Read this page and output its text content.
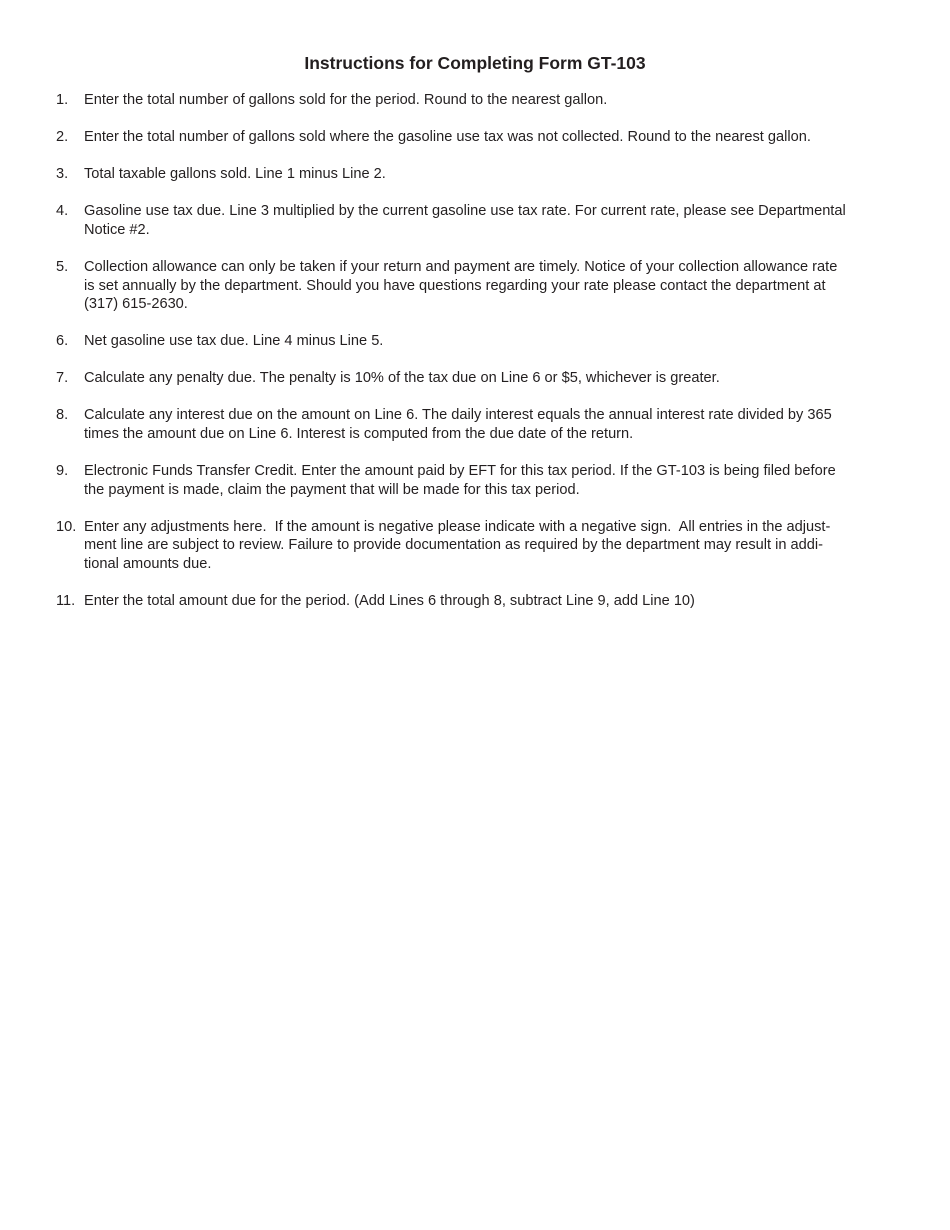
Instructions for Completing Form GT-103
1.	Enter the total number of gallons sold for the period. Round to the nearest gallon.
2.	Enter the total number of gallons sold where the gasoline use tax was not collected. Round to the nearest gallon.
3.	Total taxable gallons sold. Line 1 minus Line 2.
4.	Gasoline use tax due. Line 3 multiplied by the current gasoline use tax rate. For current rate, please see Departmental
Notice #2.
5.	Collection allowance can only be taken if your return and payment are timely. Notice of your collection allowance rate
is set annually by the department. Should you have questions regarding your rate please contact the department at
(317) 615-2630.
6.	Net gasoline use tax due. Line 4 minus Line 5.
7.	Calculate any penalty due. The penalty is 10% of the tax due on Line 6 or $5, whichever is greater.
8.	Calculate any interest due on the amount on Line 6. The daily interest equals the annual interest rate divided by 365
times the amount due on Line 6. Interest is computed from the due date of the return.
9.	Electronic Funds Transfer Credit. Enter the amount paid by EFT for this tax period. If the GT-103 is being filed before
the payment is made, claim the payment that will be made for this tax period.
10. Enter any adjustments here.  If the amount is negative please indicate with a negative sign.  All entries in the adjust-
ment line are subject to review. Failure to provide documentation as required by the department may result in addi-
tional amounts due.
11. Enter the total amount due for the period. (Add Lines 6 through 8, subtract Line 9, add Line 10)
